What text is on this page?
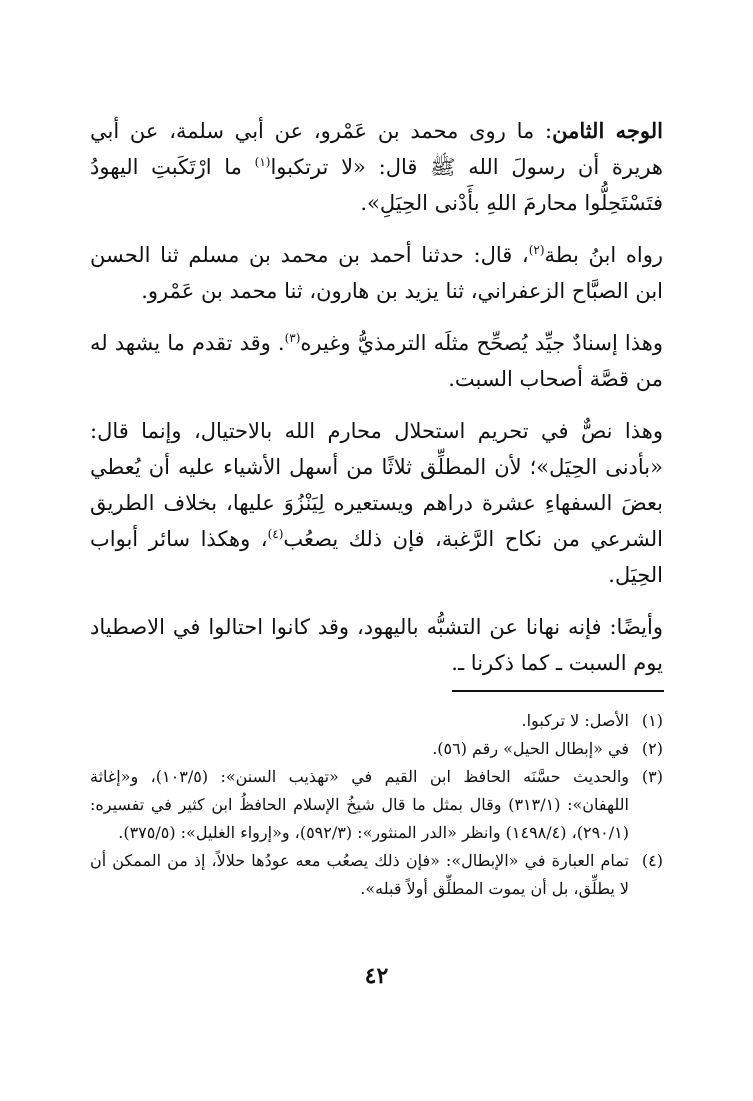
الوجه الثامن: ما روى محمد بن عَمْرو، عن أبي سلمة، عن أبي هريرة أن رسولَ الله ﷺ قال: «لا ترتكبوا$^{(١)}$ ما ارْتَكَبتِ اليهودُ فتَسْتَحِلُّوا محارمَ اللهِ بأَدْنى الحِيَلِ».

رواه ابنُ بطة$^{(٢)}$، قال: حدثنا أحمد بن محمد بن مسلم ثنا الحسن ابن الصبَّاح الزعفراني، ثنا يزيد بن هارون، ثنا محمد بن عَمْرو.

وهذا إسنادٌ جيِّد يُصحِّح مثلَه الترمذيُّ وغيره$^{(٣)}$. وقد تقدم ما يشهد له من قصَّة أصحاب السبت.

وهذا نصٌّ في تحريم استحلال محارم الله بالاحتيال، وإنما قال: «بأدنى الحِيَل»؛ لأن المطلِّق ثلاثًا من أسهل الأشياء عليه أن يُعطي بعضَ السفهاءِ عشرة دراهم ويستعيره لِيَنْزُوَ عليها، بخلاف الطريق الشرعي من نكاح الرَّغبة، فإن ذلك يصعُب$^{(٤)}$، وهكذا سائر أبواب الحِيَل.

وأيضًا: فإنه نهانا عن التشبُّه باليهود، وقد كانوا احتالوا في الاصطياد يوم السبت ـ كما ذكرنا ـ.

(١)
الأصل: لا تركبوا.
(٢)
في «إبطال الحيل» رقم (٥٦).
(٣)
والحديث حسَّنَه الحافظ ابن القيم في «تهذيب السنن»: (١٠٣/٥)، و«إغاثة اللهفان»: (٣١٣/١) وقال بمثل ما قال شيخُ الإسلام الحافظُ ابن كثير في تفسيره: (٢٩٠/١)، (١٤٩٨/٤) وانظر «الدر المنثور»: (٥٩٢/٣)، و«إرواء الغليل»: (٣٧٥/٥).
(٤)
تمام العبارة في «الإبطال»: «فإن ذلك يصعُب معه عودُها حلالاً، إذ من الممكن أن لا يطلِّق، بل أن يموت المطلِّق أولاً قبله».
٤٢
